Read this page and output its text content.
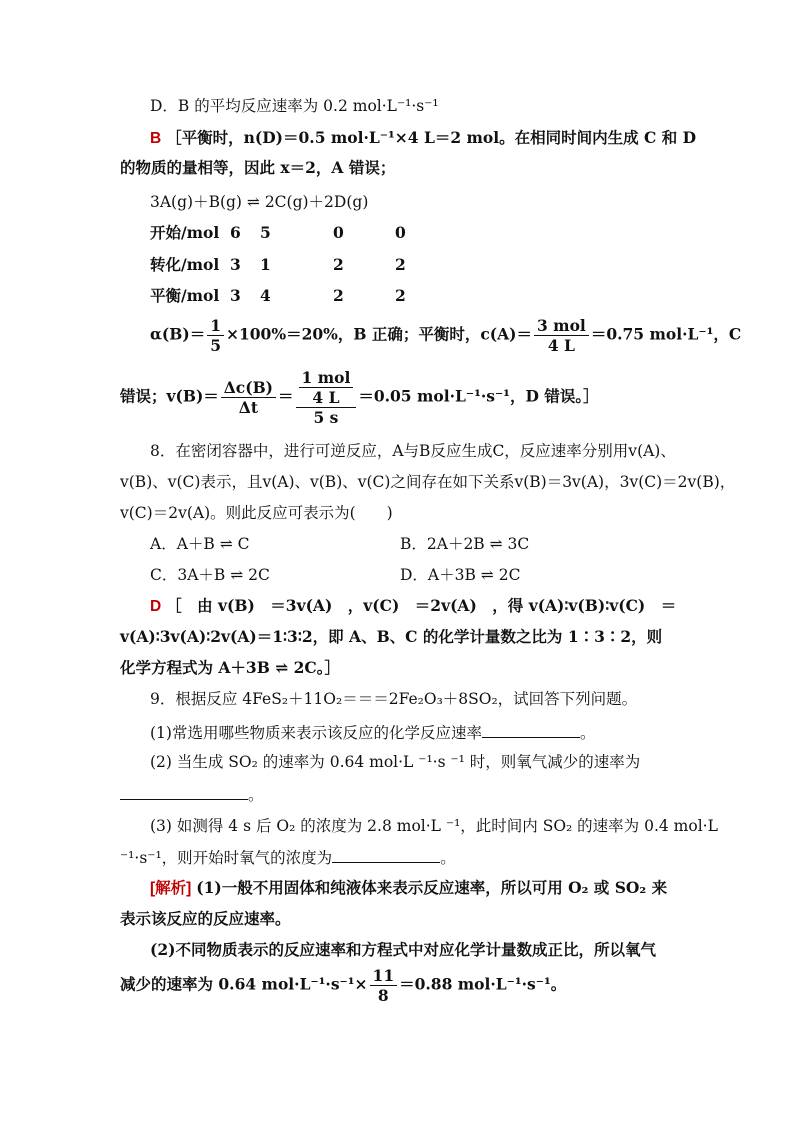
D．B 的平均反应速率为 0.2 mol·L⁻¹·s⁻¹
B ［平衡时，n(D)＝0.5 mol·L⁻¹×4 L＝2 mol。在相同时间内生成 C 和 D
的物质的量相等，因此 x＝2，A 错误；
3A(g)＋B(g) ⇌ 2C(g)＋2D(g)
开始/mol 6 5	0	0
转化/mol 3 1	2	2
平衡/mol 3 4	2	2
$\alpha(B)= \frac{1}{5} \times 100\%=20\%$，B 正确；平衡时，$c(A)= \frac{\text{3 mol}}{4 L} =0.75$ mol·L⁻¹，C
错误；$v(B)= \frac{\Delta c(B)}{\Delta t} = \frac{\frac{\text{1 mol}}{4 L}}{5 s} =0.05$ mol·L⁻¹·s⁻¹，D 错误。］
8．在密闭容器中，进行可逆反应，A与B反应生成C，反应速率分别用v(A)、
v(B)、v(C)表示，且v(A)、v(B)、v(C)之间存在如下关系v(B)＝3v(A)，3v(C)＝2v(B)，
v(C)＝2v(A)。则此反应可表示为(　　)
A．A＋B ⇌ C	B．2A＋2B ⇌ 3C
C．3A＋B ⇌ 2C	D．A＋3B ⇌ 2C
D ［　由 v(B)　＝3v(A)　，v(C)　＝2v(A)　，得 v(A)∶v(B)∶v(C)　＝
v(A)∶3v(A)∶2v(A)＝1∶3∶2，即 A、B、C 的化学计量数之比为 1∶3∶2，则
化学方程式为 A＋3B ⇌ 2C。］
9．根据反应 4FeS₂＋11O₂＝＝＝2Fe₂O₃＋8SO₂，试回答下列问题。
(1)常选用哪些物质来表示该反应的化学反应速率	。
(2) 当生成 SO₂ 的速率为 0.64 mol·L ⁻¹·s ⁻¹ 时，则氧气减少的速率为
。
(3) 如测得 4 s 后 O₂ 的浓度为 2.8 mol·L ⁻¹，此时间内 SO₂ 的速率为 0.4 mol·L
⁻¹·s⁻¹，则开始时氧气的浓度为	。
[解析] (1)一般不用固体和纯液体来表示反应速率，所以可用 O₂ 或 SO₂ 来
表示该反应的反应速率。
(2)不同物质表示的反应速率和方程式中对应化学计量数成正比，所以氧气
减少的速率为 0.64 $mol\cdot L^{-1}\cdot s^{-1}\times \frac{11}{8} =0.88$ mol·L⁻¹·s⁻¹。
